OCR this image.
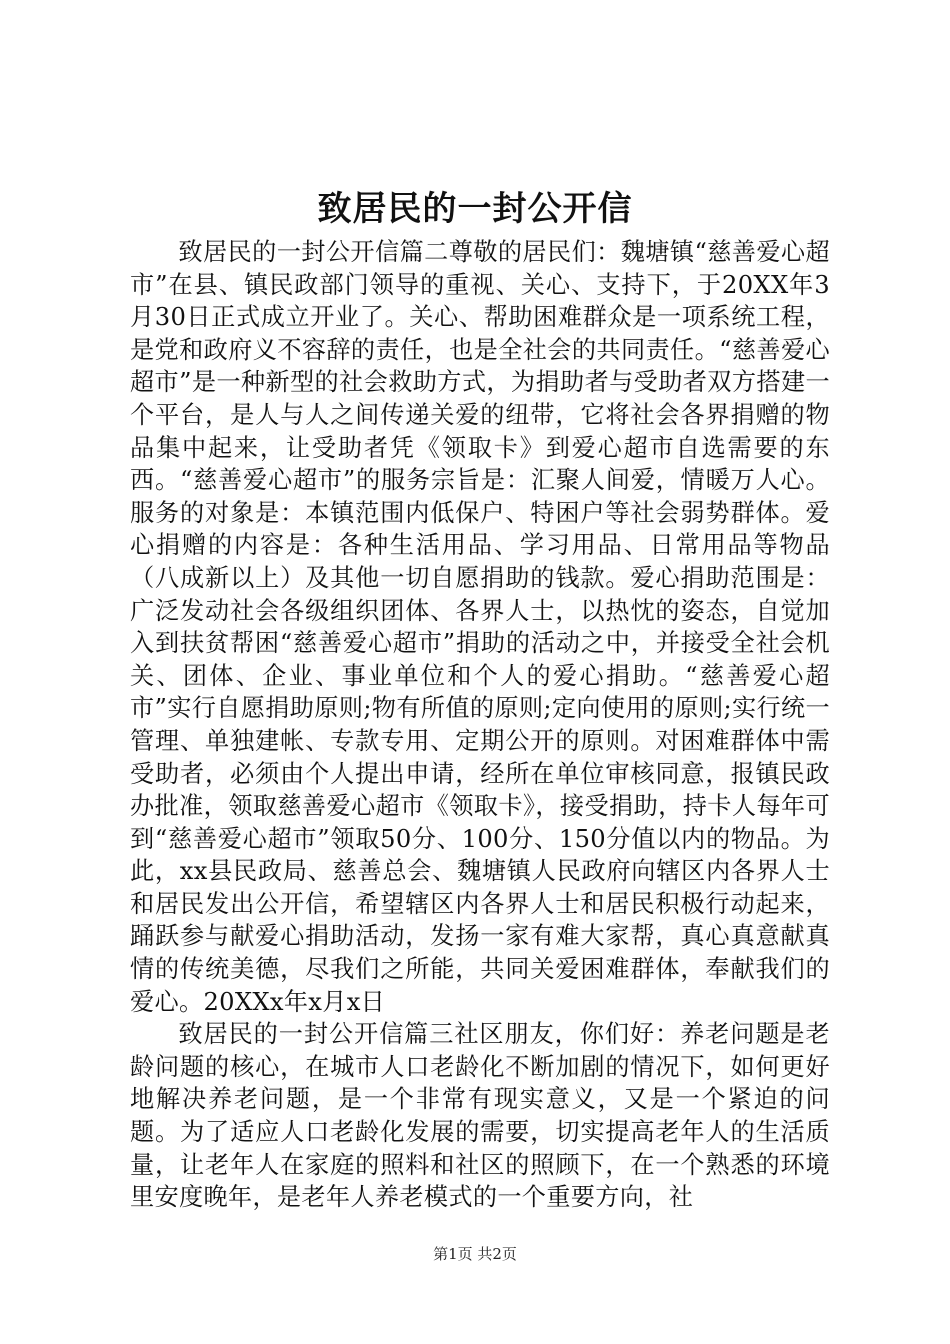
致居民的一封公开信

致居民的一封公开信篇二尊敬的居民们：魏塘镇“慈善爱心超市”在县、镇民政部门领导的重视、关心、支持下，于20XX年3月30日正式成立开业了。关心、帮助困难群众是一项系统工程，是党和政府义不容辞的责任，也是全社会的共同责任。“慈善爱心超市”是一种新型的社会救助方式，为捐助者与受助者双方搭建一个平台，是人与人之间传递关爱的纽带，它将社会各界捐赠的物品集中起来，让受助者凭《领取卡》到爱心超市自选需要的东西。“慈善爱心超市”的服务宗旨是：汇聚人间爱，情暖万人心。服务的对象是：本镇范围内低保户、特困户等社会弱势群体。爱心捐赠的内容是：各种生活用品、学习用品、日常用品等物品（八成新以上）及其他一切自愿捐助的钱款。爱心捐助范围是：广泛发动社会各级组织团体、各界人士，以热忱的姿态，自觉加入到扶贫帮困“慈善爱心超市”捐助的活动之中，并接受全社会机关、团体、企业、事业单位和个人的爱心捐助。“慈善爱心超市”实行自愿捐助原则;物有所值的原则;定向使用的原则;实行统一管理、单独建帐、专款专用、定期公开的原则。对困难群体中需受助者，必须由个人提出申请，经所在单位审核同意，报镇民政办批准，领取慈善爱心超市《领取卡》，接受捐助，持卡人每年可到“慈善爱心超市”领取50分、100分、150分值以内的物品。为此，xx县民政局、慈善总会、魏塘镇人民政府向辖区内各界人士和居民发出公开信，希望辖区内各界人士和居民积极行动起来，踊跃参与献爱心捐助活动，发扬一家有难大家帮，真心真意献真情的传统美德，尽我们之所能，共同关爱困难群体，奉献我们的爱心。20XXx年x月x日

致居民的一封公开信篇三社区朋友，你们好：养老问题是老龄问题的核心，在城市人口老龄化不断加剧的情况下，如何更好地解决养老问题，是一个非常有现实意义，又是一个紧迫的问题。为了适应人口老龄化发展的需要，切实提高老年人的生活质量，让老年人在家庭的照料和社区的照顾下，在一个熟悉的环境里安度晚年，是老年人养老模式的一个重要方向，社

第1页 共2页
